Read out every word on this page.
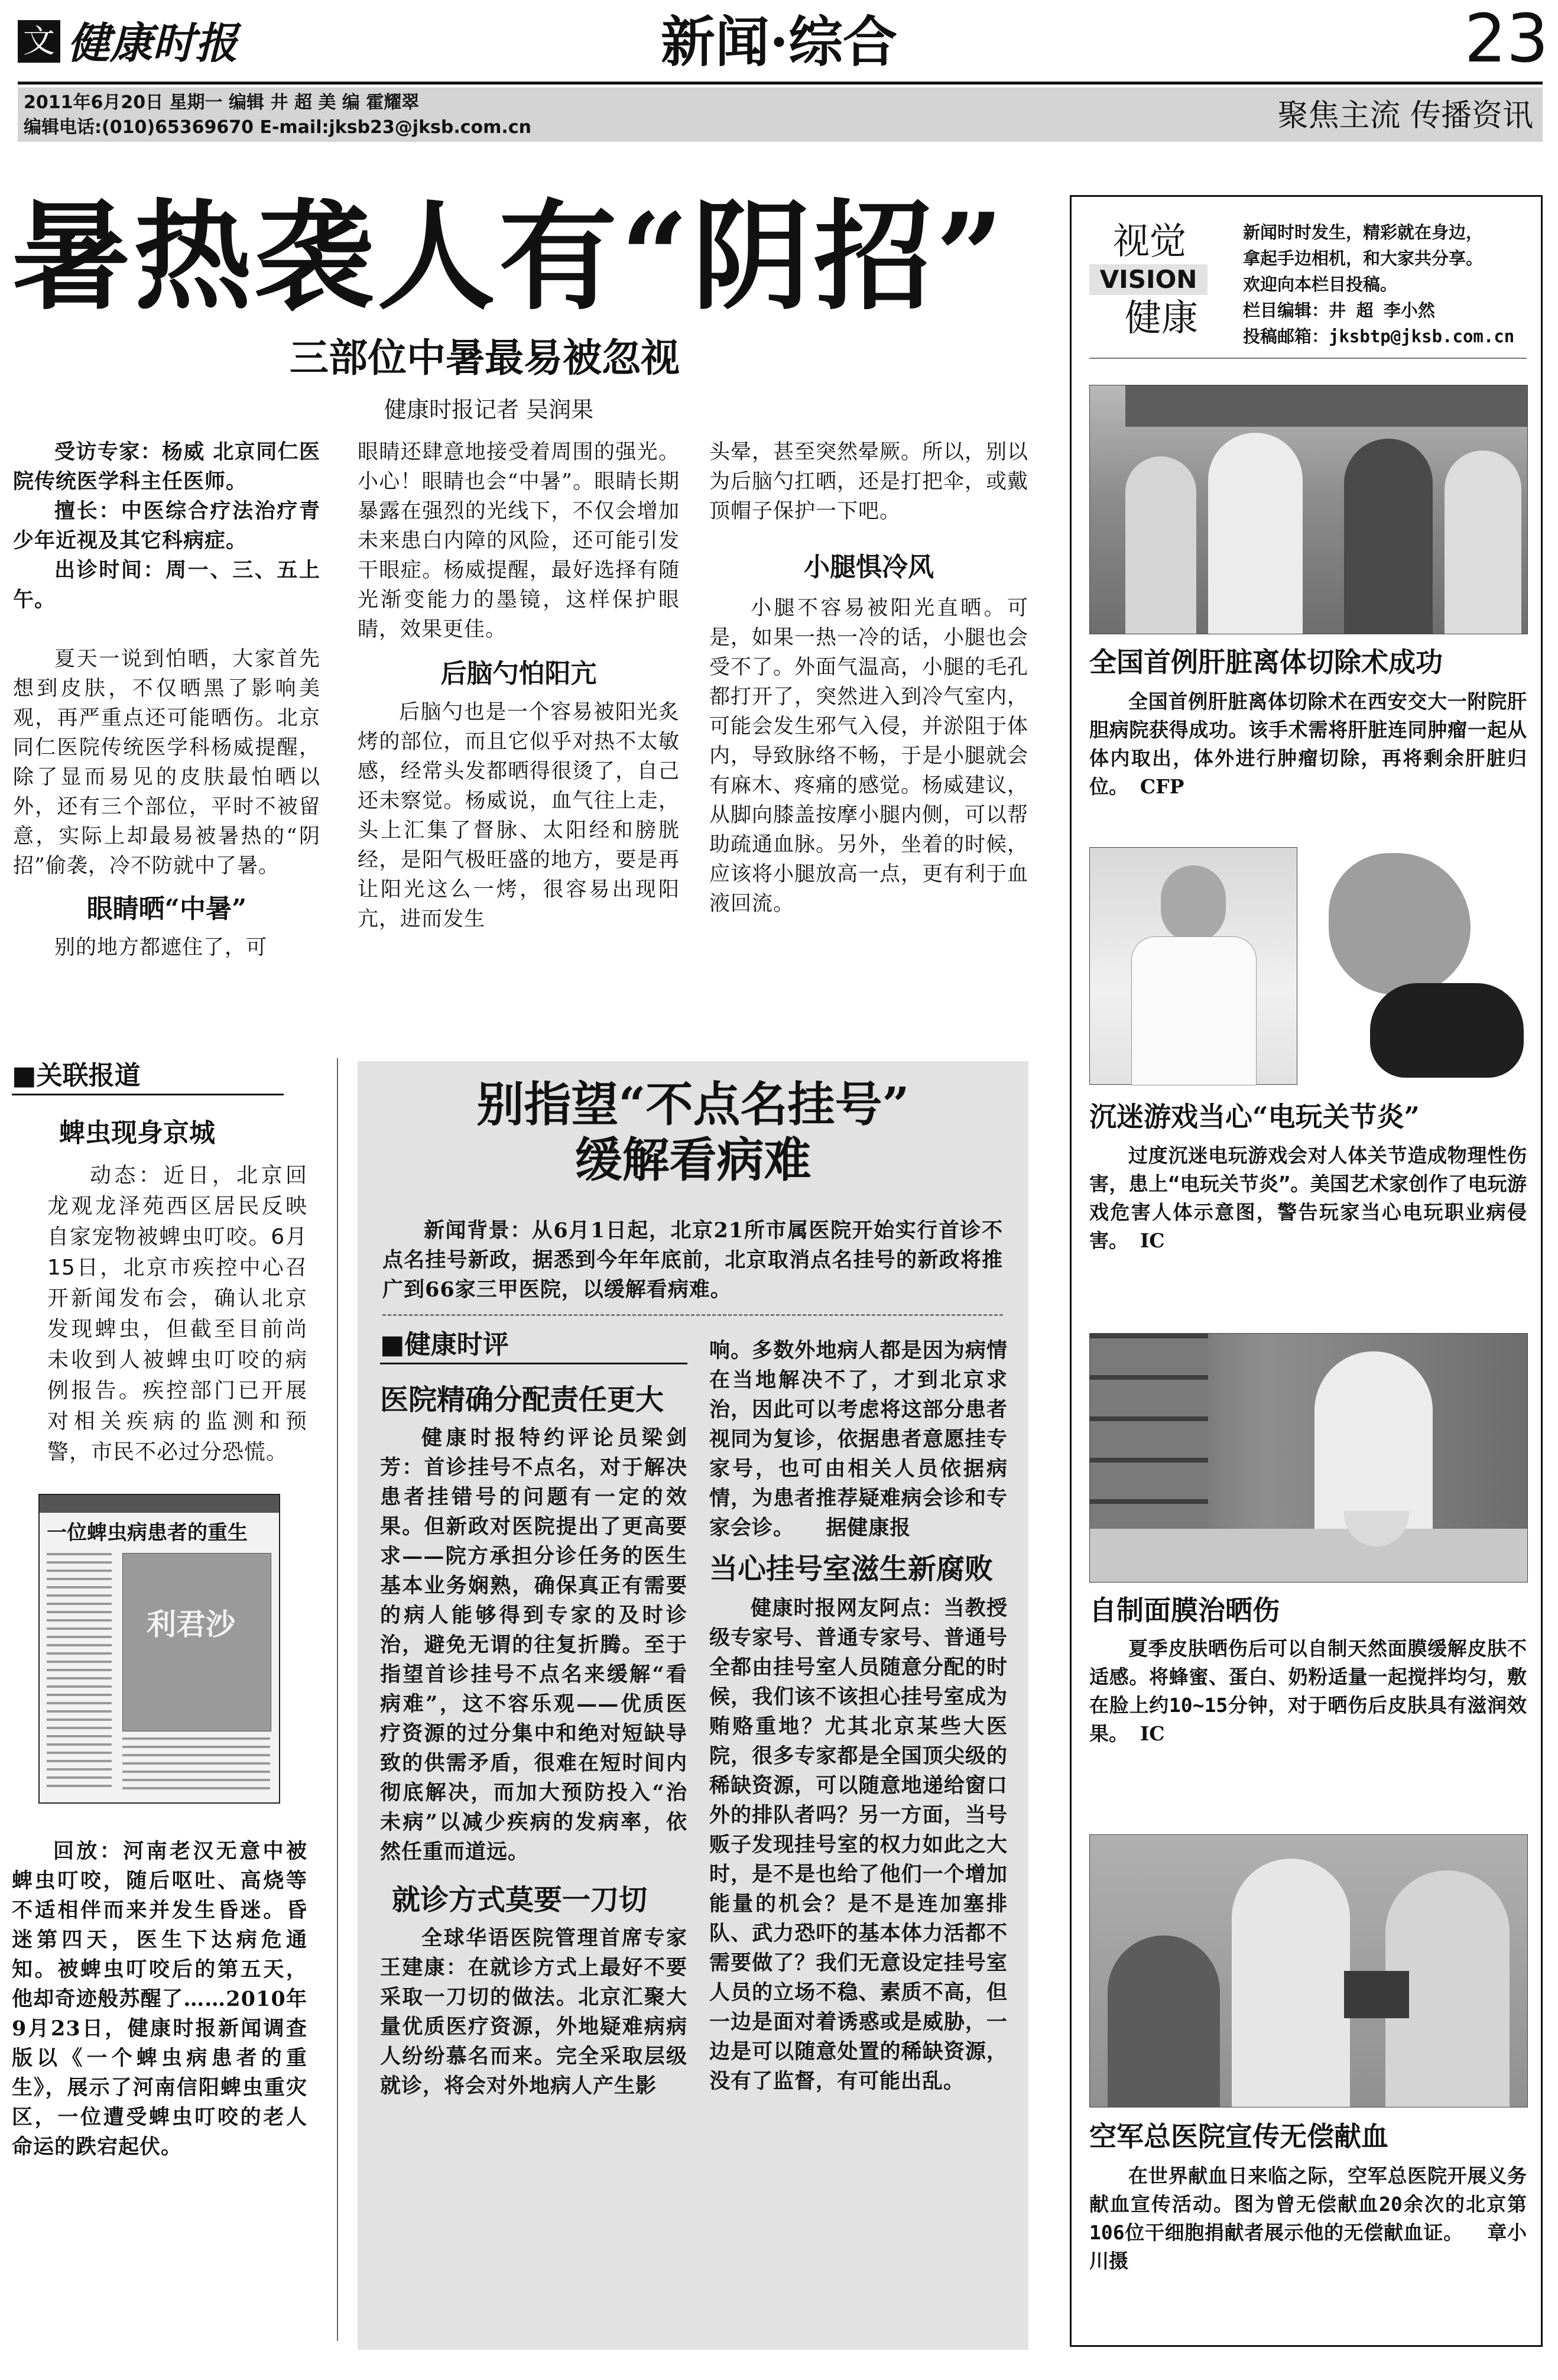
文 健康时报	新闻·综合	23
2011年6月20日 星期一 编辑 井 超 美 编 霍耀翠
编辑电话:(010)65369670 E-mail:jksb23@jksb.com.cn	聚焦主流 传播资讯
暑热袭人有“阴招”
三部位中暑最易被忽视
健康时报记者 吴润果
受访专家：杨威 北京同仁医院传统医学科主任医师。
擅长：中医综合疗法治疗青少年近视及其它科病症。
出诊时间：周一、三、五上午。
夏天一说到怕晒，大家首先想到皮肤，不仅晒黑了影响美观，再严重点还可能晒伤。北京同仁医院传统医学科杨威提醒，除了显而易见的皮肤最怕晒以外，还有三个部位，平时不被留意，实际上却最易被暑热的“阴招”偷袭，冷不防就中了暑。
眼睛晒“中暑”
别的地方都遮住了，可
眼睛还肆意地接受着周围的强光。小心！眼睛也会“中暑”。眼睛长期暴露在强烈的光线下，不仅会增加未来患白内障的风险，还可能引发干眼症。杨威提醒，最好选择有随光渐变能力的墨镜，这样保护眼睛，效果更佳。
后脑勺怕阳亢
后脑勺也是一个容易被阳光炙烤的部位，而且它似乎对热不太敏感，经常头发都晒得很烫了，自己还未察觉。杨威说，血气往上走，头上汇集了督脉、太阳经和膀胱经，是阳气极旺盛的地方，要是再让阳光这么一烤，很容易出现阳亢，进而发生
头晕，甚至突然晕厥。所以，别以为后脑勺扛晒，还是打把伞，或戴顶帽子保护一下吧。
小腿惧冷风
小腿不容易被阳光直晒。可是，如果一热一冷的话，小腿也会受不了。外面气温高，小腿的毛孔都打开了，突然进入到冷气室内，可能会发生邪气入侵，并淤阻于体内，导致脉络不畅，于是小腿就会有麻木、疼痛的感觉。杨威建议，从脚向膝盖按摩小腿内侧，可以帮助疏通血脉。另外，坐着的时候，应该将小腿放高一点，更有利于血液回流。
■关联报道
蜱虫现身京城
动态：近日，北京回龙观龙泽苑西区居民反映自家宠物被蜱虫叮咬。6月15日，北京市疾控中心召开新闻发布会，确认北京发现蜱虫，但截至目前尚未收到人被蜱虫叮咬的病例报告。疾控部门已开展对相关疾病的监测和预警，市民不必过分恐慌。
一位蜱虫病患者的重生
利君沙
回放：河南老汉无意中被蜱虫叮咬，随后呕吐、高烧等不适相伴而来并发生昏迷。昏迷第四天，医生下达病危通知。被蜱虫叮咬后的第五天，他却奇迹般苏醒了……2010年9月23日，健康时报新闻调查版以《一个蜱虫病患者的重生》，展示了河南信阳蜱虫重灾区，一位遭受蜱虫叮咬的老人命运的跌宕起伏。
别指望“不点名挂号”
缓解看病难
新闻背景：从6月1日起，北京21所市属医院开始实行首诊不点名挂号新政，据悉到今年年底前，北京取消点名挂号的新政将推广到66家三甲医院，以缓解看病难。
■健康时评
医院精确分配责任更大
健康时报特约评论员梁剑芳：首诊挂号不点名，对于解决患者挂错号的问题有一定的效果。但新政对医院提出了更高要求——院方承担分诊任务的医生基本业务娴熟，确保真正有需要的病人能够得到专家的及时诊治，避免无谓的往复折腾。至于指望首诊挂号不点名来缓解“看病难”，这不容乐观——优质医疗资源的过分集中和绝对短缺导致的供需矛盾，很难在短时间内彻底解决，而加大预防投入“治未病”以减少疾病的发病率，依然任重而道远。
就诊方式莫要一刀切
全球华语医院管理首席专家王建康：在就诊方式上最好不要采取一刀切的做法。北京汇聚大量优质医疗资源，外地疑难病病人纷纷慕名而来。完全采取层级就诊，将会对外地病人产生影
响。多数外地病人都是因为病情在当地解决不了，才到北京求治，因此可以考虑将这部分患者视同为复诊，依据患者意愿挂专家号，也可由相关人员依据病情，为患者推荐疑难病会诊和专家会诊。 据健康报
当心挂号室滋生新腐败
健康时报网友阿点：当教授级专家号、普通专家号、普通号全都由挂号室人员随意分配的时候，我们该不该担心挂号室成为贿赂重地？尤其北京某些大医院，很多专家都是全国顶尖级的稀缺资源，可以随意地递给窗口外的排队者吗？另一方面，当号贩子发现挂号室的权力如此之大时，是不是也给了他们一个增加能量的机会？是不是连加塞排队、武力恐吓的基本体力活都不需要做了？我们无意设定挂号室人员的立场不稳、素质不高，但一边是面对着诱惑或是威胁，一边是可以随意处置的稀缺资源，没有了监督，有可能出乱。
视觉
VISION
健康
新闻时时发生，精彩就在身边，
拿起手边相机，和大家共分享。
欢迎向本栏目投稿。
栏目编辑：井 超 李小然
投稿邮箱：jksbtp@jksb.com.cn
全国首例肝脏离体切除术成功
全国首例肝脏离体切除术在西安交大一附院肝胆病院获得成功。该手术需将肝脏连同肿瘤一起从体内取出，体外进行肿瘤切除，再将剩余肝脏归位。 CFP
沉迷游戏当心“电玩关节炎”
过度沉迷电玩游戏会对人体关节造成物理性伤害，患上“电玩关节炎”。美国艺术家创作了电玩游戏危害人体示意图，警告玩家当心电玩职业病侵害。 IC
自制面膜治晒伤
夏季皮肤晒伤后可以自制天然面膜缓解皮肤不适感。将蜂蜜、蛋白、奶粉适量一起搅拌均匀，敷在脸上约10~15分钟，对于晒伤后皮肤具有滋润效果。 IC
空军总医院宣传无偿献血
在世界献血日来临之际，空军总医院开展义务献血宣传活动。图为曾无偿献血20余次的北京第106位干细胞捐献者展示他的无偿献血证。 章小川摄
